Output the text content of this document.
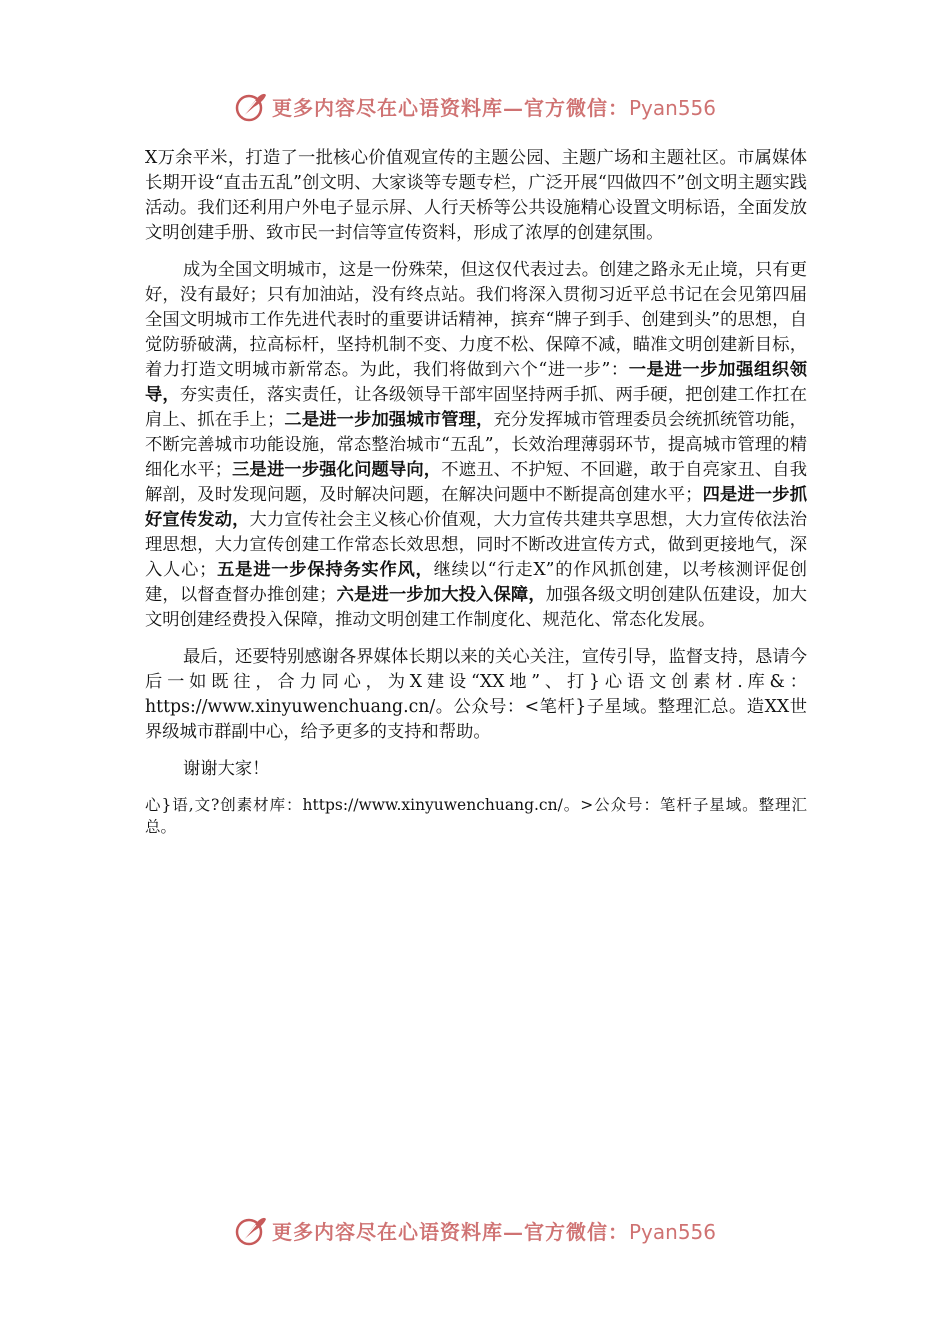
更多内容尽在心语资料库—官方微信：Pyan556

X万余平米，打造了一批核心价值观宣传的主题公园、主题广场和主题社区。市属媒体长期开设“直击五乱”创文明、大家谈等专题专栏，广泛开展“四做四不”创文明主题实践活动。我们还利用户外电子显示屏、人行天桥等公共设施精心设置文明标语，全面发放文明创建手册、致市民一封信等宣传资料，形成了浓厚的创建氛围。

成为全国文明城市，这是一份殊荣，但这仅代表过去。创建之路永无止境，只有更好，没有最好；只有加油站，没有终点站。我们将深入贯彻习近平总书记在会见第四届全国文明城市工作先进代表时的重要讲话精神，摈弃“牌子到手、创建到头”的思想，自觉防骄破满，拉高标杆，坚持机制不变、力度不松、保障不减，瞄准文明创建新目标，着力打造文明城市新常态。为此，我们将做到六个“进一步”：一是进一步加强组织领导，夯实责任，落实责任，让各级领导干部牢固坚持两手抓、两手硬，把创建工作扛在肩上、抓在手上；二是进一步加强城市管理，充分发挥城市管理委员会统抓统管功能，不断完善城市功能设施，常态整治城市“五乱”，长效治理薄弱环节，提高城市管理的精细化水平；三是进一步强化问题导向，不遮丑、不护短、不回避，敢于自亮家丑、自我解剖，及时发现问题，及时解决问题，在解决问题中不断提高创建水平；四是进一步抓好宣传发动，大力宣传社会主义核心价值观，大力宣传共建共享思想，大力宣传依法治理思想，大力宣传创建工作常态长效思想，同时不断改进宣传方式，做到更接地气，深入人心；五是进一步保持务实作风，继续以“行走X”的作风抓创建，以考核测评促创建，以督查督办推创建；六是进一步加大投入保障，加强各级文明创建队伍建设，加大文明创建经费投入保障，推动文明创建工作制度化、规范化、常态化发展。

最后，还要特别感谢各界媒体长期以来的关心关注，宣传引导，监督支持，恳请今后一如既往，合力同心，为X建设“XX地”、打}心语文创素材.库&：https://www.xinyuwenchuang.cn/。公众号：<笔杆}子星域。整理汇总。造XX世界级城市群副中心，给予更多的支持和帮助。

谢谢大家！

心}语,文?创素材库：https://www.xinyuwenchuang.cn/。>公众号：笔杆子星域。整理汇总。

更多内容尽在心语资料库—官方微信：Pyan556
